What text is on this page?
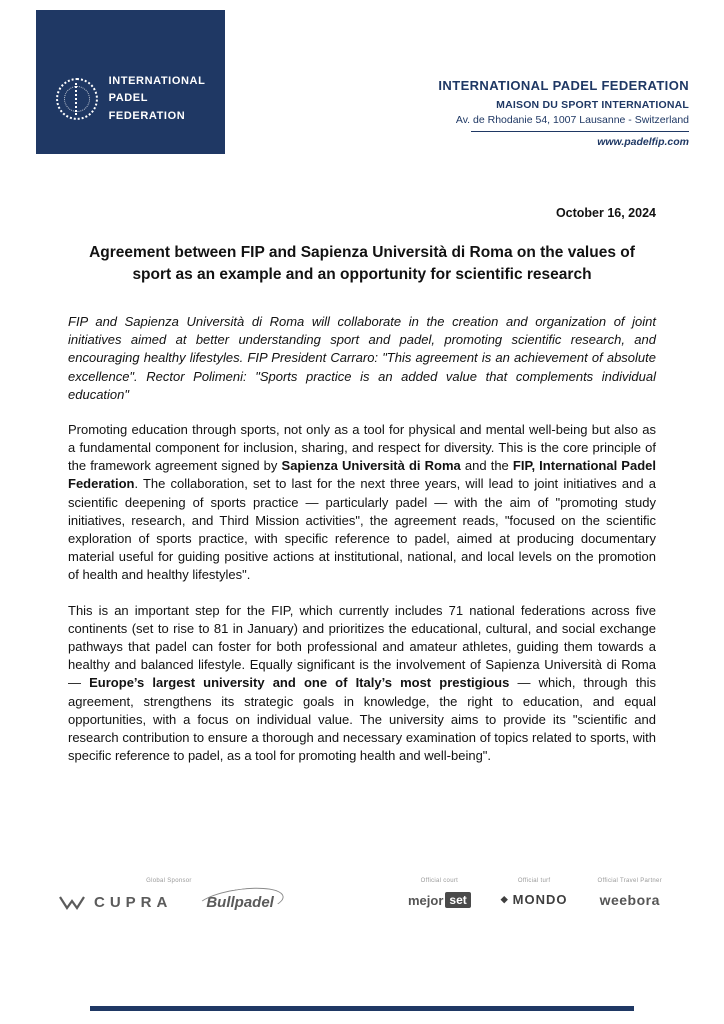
INTERNATIONAL
PADEL
FEDERATION
INTERNATIONAL PADEL FEDERATION
MAISON DU SPORT INTERNATIONAL
Av. de Rhodanie 54, 1007 Lausanne - Switzerland
www.padelfip.com
October 16, 2024
Agreement between FIP and Sapienza Università di Roma on the values of sport as an example and an opportunity for scientific research
FIP and Sapienza Università di Roma will collaborate in the creation and organization of joint initiatives aimed at better understanding sport and padel, promoting scientific research, and encouraging healthy lifestyles. FIP President Carraro: "This agreement is an achievement of absolute excellence". Rector Polimeni: "Sports practice is an added value that complements individual education"
Promoting education through sports, not only as a tool for physical and mental well-being but also as a fundamental component for inclusion, sharing, and respect for diversity. This is the core principle of the framework agreement signed by Sapienza Università di Roma and the FIP, International Padel Federation. The collaboration, set to last for the next three years, will lead to joint initiatives and a scientific deepening of sports practice — particularly padel — with the aim of "promoting study initiatives, research, and Third Mission activities", the agreement reads, "focused on the scientific exploration of sports practice, with specific reference to padel, aimed at producing documentary material useful for guiding positive actions at institutional, national, and local levels on the promotion of health and healthy lifestyles".
This is an important step for the FIP, which currently includes 71 national federations across five continents (set to rise to 81 in January) and prioritizes the educational, cultural, and social exchange pathways that padel can foster for both professional and amateur athletes, guiding them towards a healthy and balanced lifestyle. Equally significant is the involvement of Sapienza Università di Roma — Europe’s largest university and one of Italy’s most prestigious — which, through this agreement, strengthens its strategic goals in knowledge, the right to education, and equal opportunities, with a focus on individual value. The university aims to provide its "scientific and research contribution to ensure a thorough and necessary examination of topics related to sports, with specific reference to padel, as a tool for promoting health and well-being".
Global Sponsor
CUPRA	Bullpadel
Official court
mejor set
Official turf
◆ MONDO
Official Travel Partner
weebora
